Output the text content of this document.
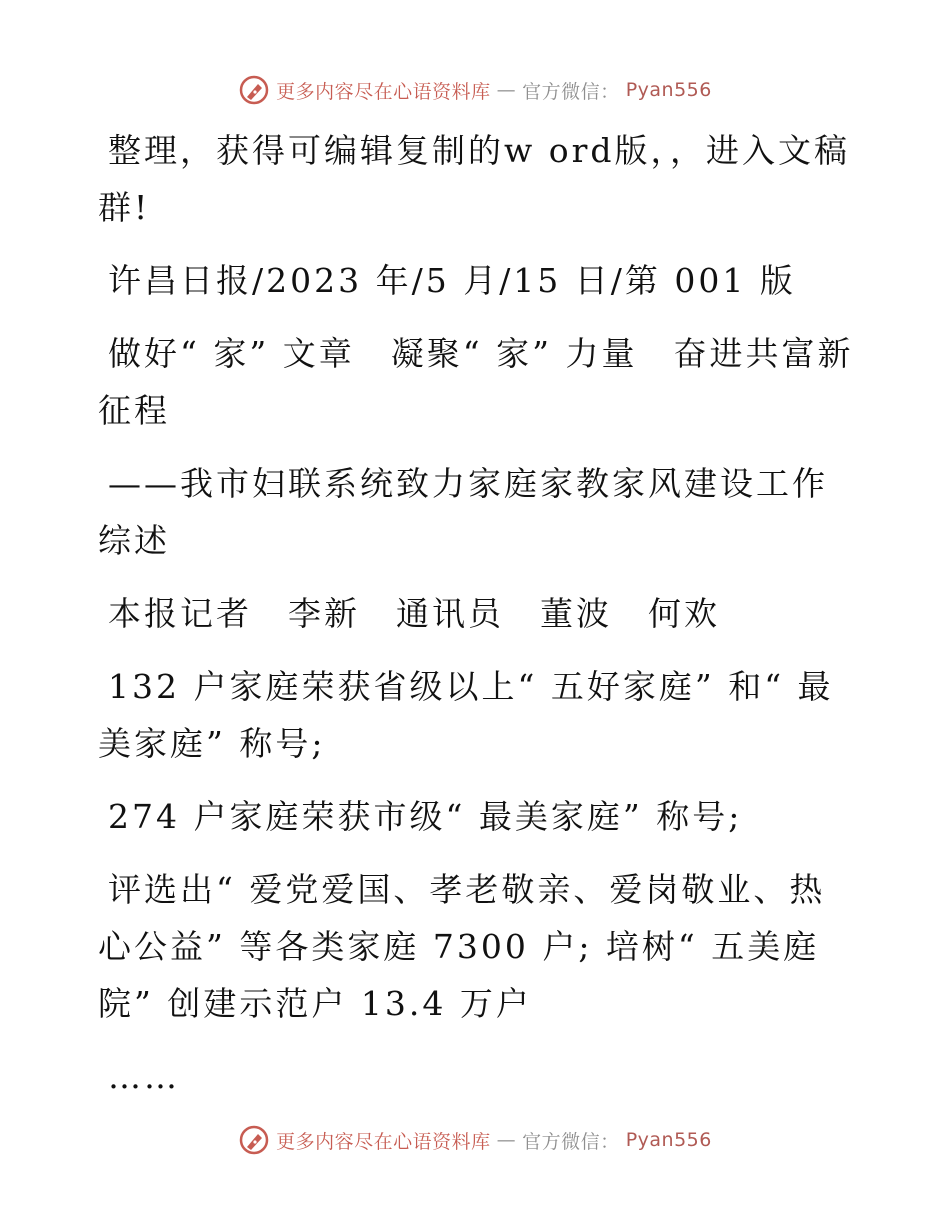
更多内容尽在心语资料库 — 官方微信： Pyan556

整理，获得可编辑复制的w ord版，，进入文稿群!

许昌日报/2023 年/5 月/15 日/第 001 版

做好“ 家” 文章　凝聚“ 家” 力量　奋进共富新征程

——我市妇联系统致力家庭家教家风建设工作综述

本报记者　李新　通讯员　董波　何欢

132 户家庭荣获省级以上“ 五好家庭” 和“ 最美家庭” 称号;

274 户家庭荣获市级“ 最美家庭” 称号;

评选出“ 爱党爱国、孝老敬亲、爱岗敬业、热心公益” 等各类家庭 7300 户; 培树“ 五美庭院” 创建示范户 13.4 万户

……

更多内容尽在心语资料库 — 官方微信： Pyan556
